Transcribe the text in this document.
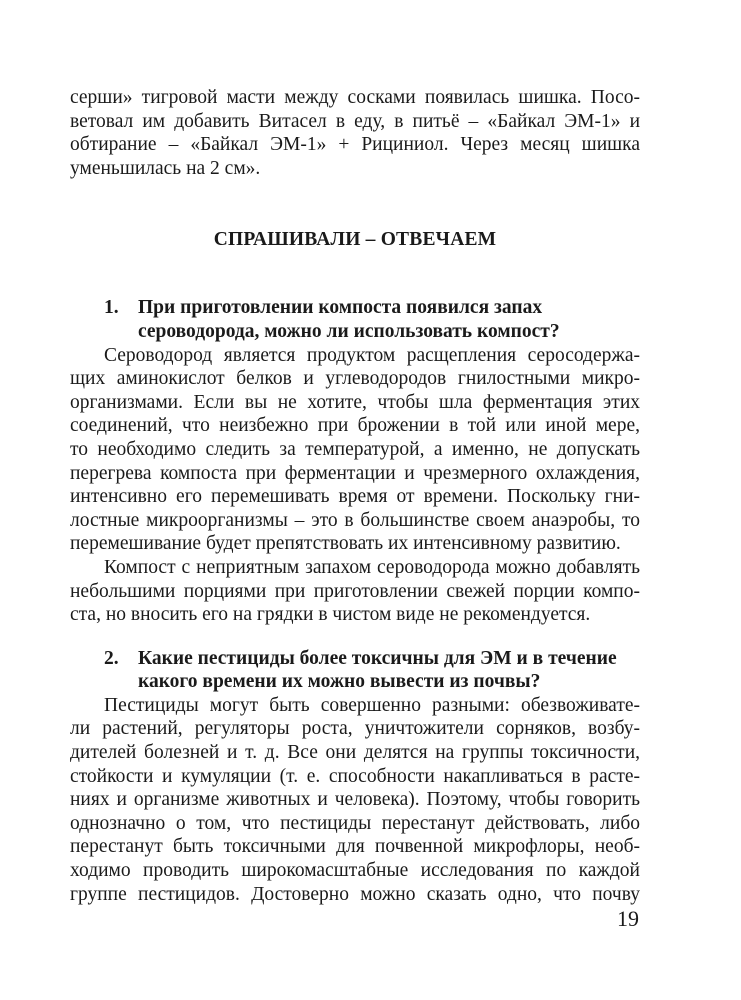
серши» тигровой масти между сосками появилась шишка. Посо-
ветовал им добавить Витасел в еду, в питьё – «Байкал ЭМ-1» и
обтирание – «Байкал ЭМ-1» + Рициниол. Через месяц шишка
уменьшилась на 2 см».
СПРАШИВАЛИ – ОТВЕЧАЕМ
1. При приготовлении компоста появился запах
сероводорода, можно ли использовать компост?
Сероводород является продуктом расщепления серосодержа-
щих аминокислот белков и углеводородов гнилостными микро-
организмами. Если вы не хотите, чтобы шла ферментация этих
соединений, что неизбежно при брожении в той или иной мере,
то необходимо следить за температурой, а именно, не допускать
перегрева компоста при ферментации и чрезмерного охлаждения,
интенсивно его перемешивать время от времени. Поскольку гни-
лостные микроорганизмы – это в большинстве своем анаэробы, то
перемешивание будет препятствовать их интенсивному развитию.
Компост с неприятным запахом сероводорода можно добавлять
небольшими порциями при приготовлении свежей порции компо-
ста, но вносить его на грядки в чистом виде не рекомендуется.
2. Какие пестициды более токсичны для ЭМ и в течение
какого времени их можно вывести из почвы?
Пестициды могут быть совершенно разными: обезвоживате-
ли растений, регуляторы роста, уничтожители сорняков, возбу-
дителей болезней и т. д. Все они делятся на группы токсичности,
стойкости и кумуляции (т. е. способности накапливаться в расте-
ниях и организме животных и человека). Поэтому, чтобы говорить
однозначно о том, что пестициды перестанут действовать, либо
перестанут быть токсичными для почвенной микрофлоры, необ-
ходимо проводить широкомасштабные исследования по каждой
группе пестицидов. Достоверно можно сказать одно, что почву
19
